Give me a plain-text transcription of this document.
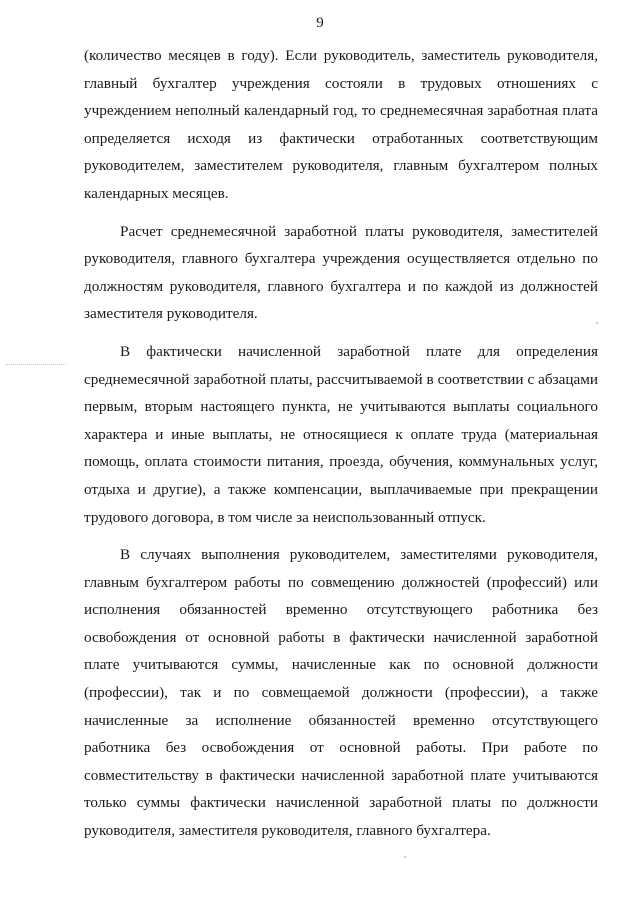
9

(количество месяцев в году). Если руководитель, заместитель руководителя, главный бухгалтер учреждения состояли в трудовых отношениях с учреждением неполный календарный год, то среднемесячная заработная плата определяется исходя из фактически отработанных соответствующим руководителем, заместителем руководителя, главным бухгалтером полных календарных месяцев.

Расчет среднемесячной заработной платы руководителя, заместителей руководителя, главного бухгалтера учреждения осуществляется отдельно по должностям руководителя, главного бухгалтера и по каждой из должностей заместителя руководителя.

В фактически начисленной заработной плате для определения среднемесячной заработной платы, рассчитываемой в соответствии с абзацами первым, вторым настоящего пункта, не учитываются выплаты социального характера и иные выплаты, не относящиеся к оплате труда (материальная помощь, оплата стоимости питания, проезда, обучения, коммунальных услуг, отдыха и другие), а также компенсации, выплачиваемые при прекращении трудового договора, в том числе за неиспользованный отпуск.

В случаях выполнения руководителем, заместителями руководителя, главным бухгалтером работы по совмещению должностей (профессий) или исполнения обязанностей временно отсутствующего работника без освобождения от основной работы в фактически начисленной заработной плате учитываются суммы, начисленные как по основной должности (профессии), так и по совмещаемой должности (профессии), а также начисленные за исполнение обязанностей временно отсутствующего работника без освобождения от основной работы. При работе по совместительству в фактически начисленной заработной плате учитываются только суммы фактически начисленной заработной платы по должности руководителя, заместителя руководителя, главного бухгалтера.
